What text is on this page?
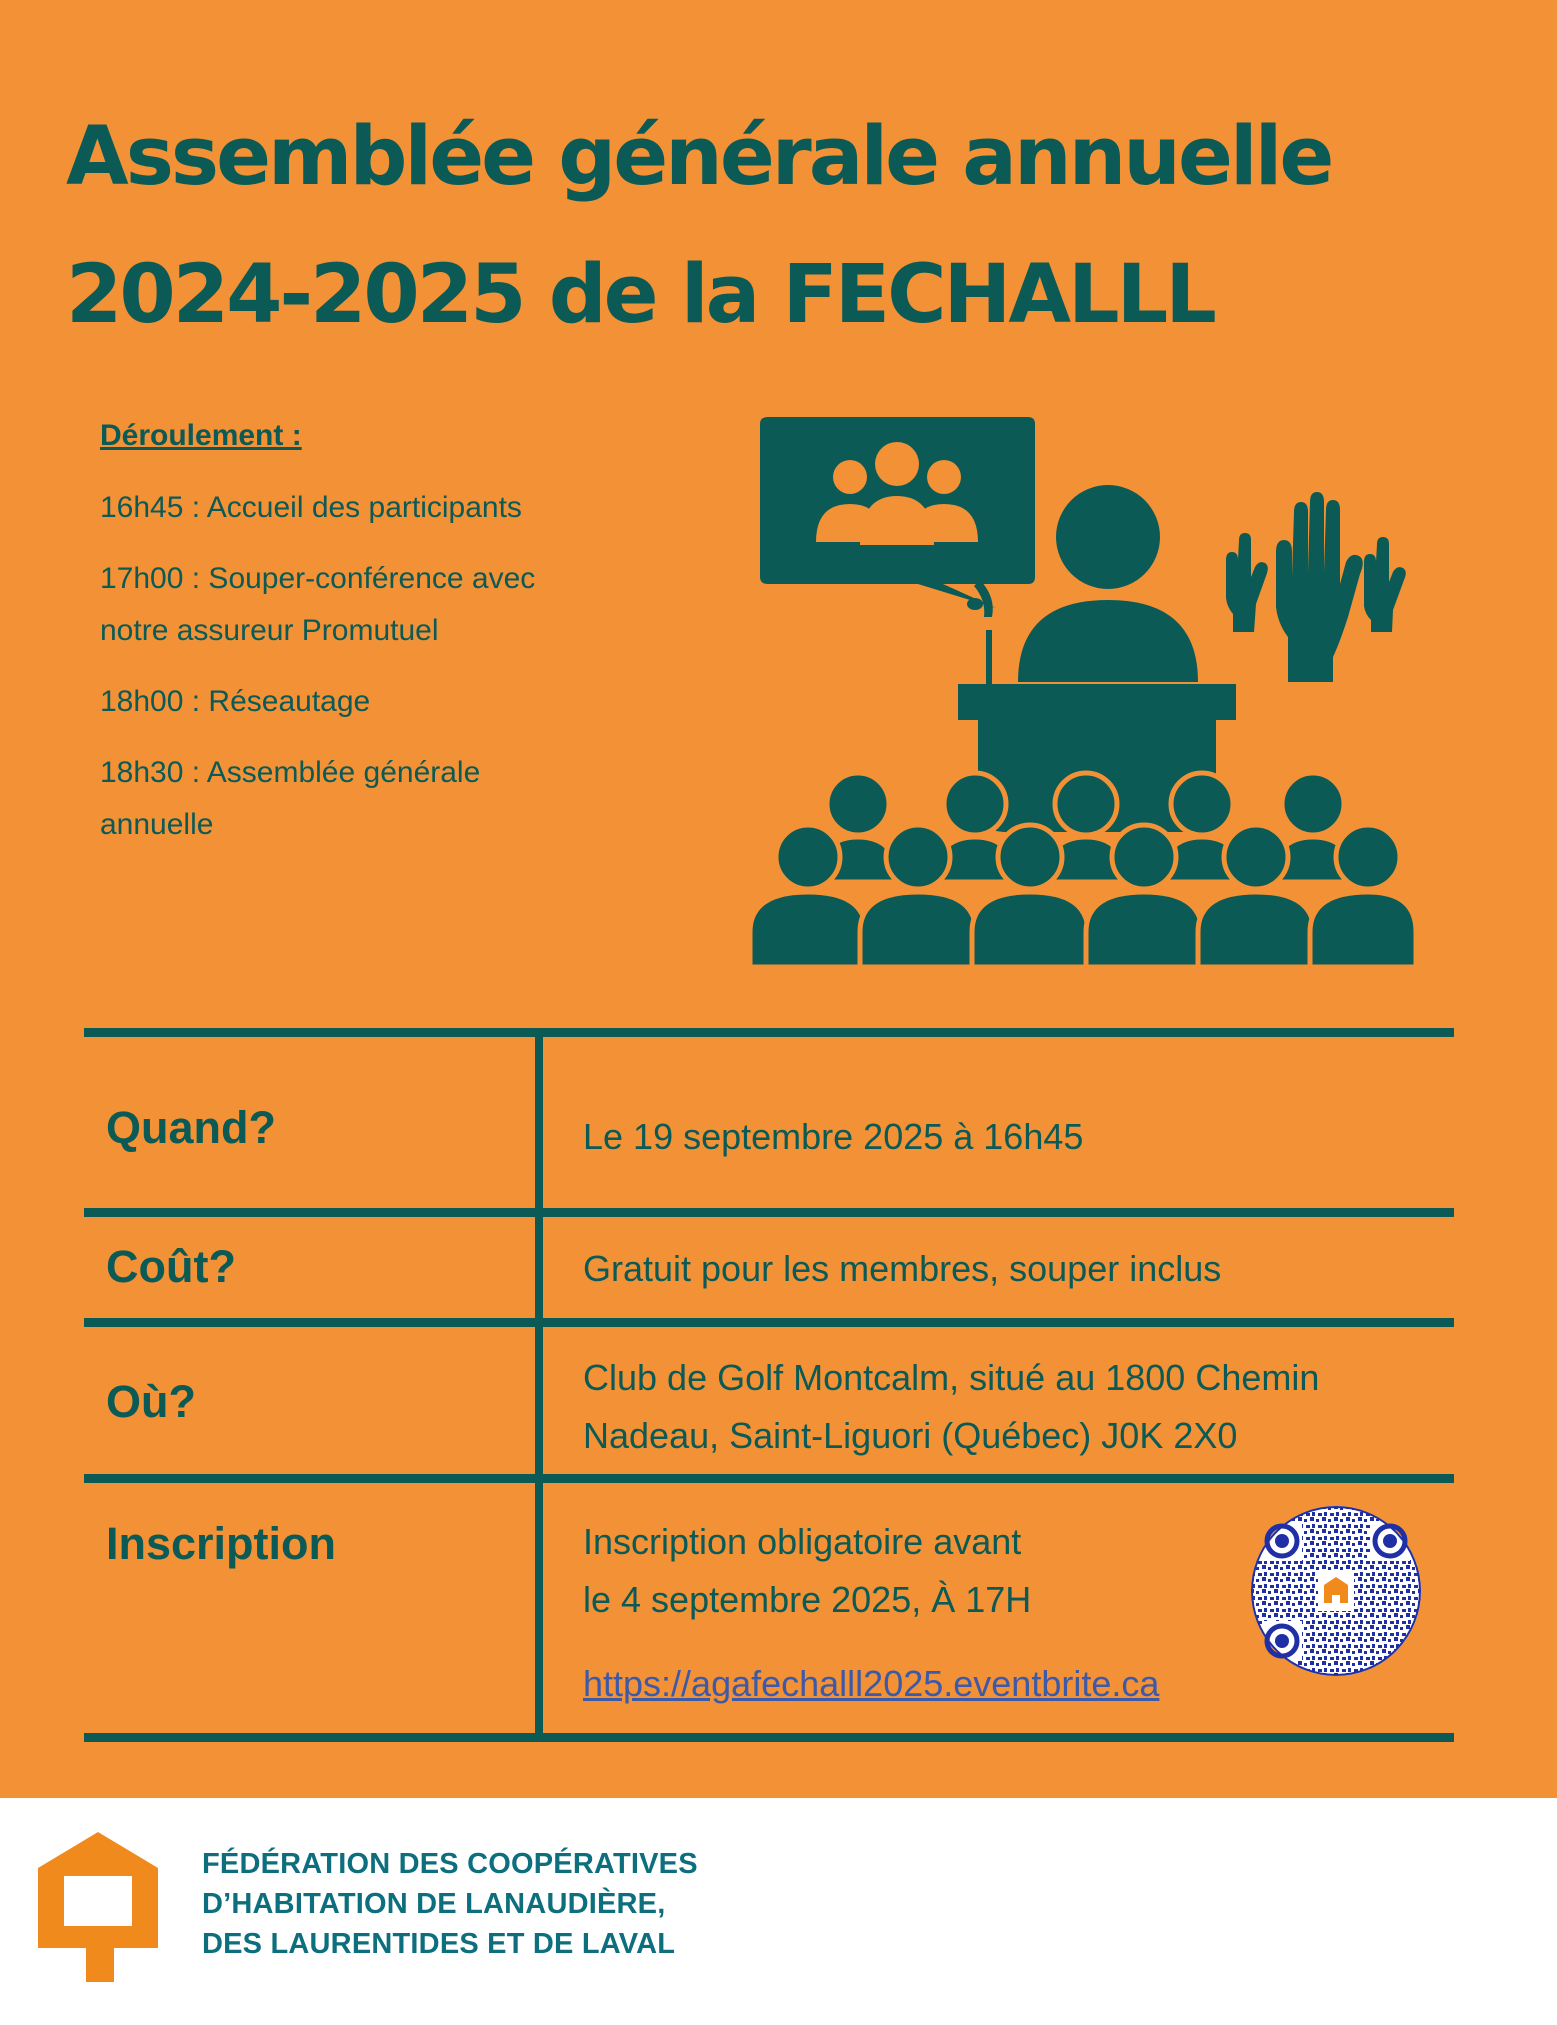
Assemblée générale annuelle
2024-2025 de la FECHALLL
Déroulement :
16h45 : Accueil des participants
17h00 : Souper-conférence avec
notre assureur Promutuel
18h00 : Réseautage
18h30 : Assemblée générale
annuelle
Quand?	Le 19 septembre 2025 à 16h45
Coût?	Gratuit pour les membres, souper inclus
Où?	Club de Golf Montcalm, situé au 1800 Chemin
Nadeau, Saint-Liguori (Québec) J0K 2X0
Inscription	Inscription obligatoire avant
le 4 septembre 2025, À 17H
https://agafechalll2025.eventbrite.ca
FÉDÉRATION DES COOPÉRATIVES
D’HABITATION DE LANAUDIÈRE,
DES LAURENTIDES ET DE LAVAL
